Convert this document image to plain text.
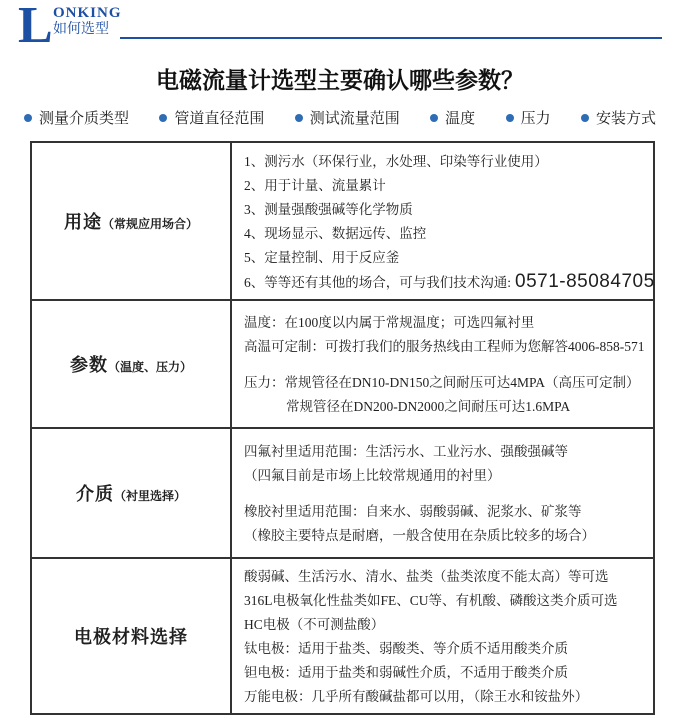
L ONKING
如何选型
电磁流量计选型主要确认哪些参数？
测量介质类型	管道直径范围	测试流量范围	温度	压力	安装方式
用途（常规应用场合）	
1、测污水（环保行业，水处理、印染等行业使用）
2、用于计量、流量累计
3、测量强酸强碱等化学物质
4、现场显示、数据远传、监控
5、定量控制、用于反应釜
6、等等还有其他的场合，可与我们技术沟通: 0571-85084705

参数（温度、压力）	温度：在100度以内属于常规温度；可选四氟衬里
高温可定制：可拨打我们的服务热线由工程师为您解答4006-858-571
压力：常规管径在DN10-DN150之间耐压可达4MPA（高压可定制）
常规管径在DN200-DN2000之间耐压可达1.6MPA

介质（衬里选择）	四氟衬里适用范围：生活污水、工业污水、强酸强碱等
（四氟目前是市场上比较常规通用的衬里）
橡胶衬里适用范围：自来水、弱酸弱碱、泥浆水、矿浆等
（橡胶主要特点是耐磨，一般含使用在杂质比较多的场合）

电极材料选择	
酸弱碱、生活污水、清水、盐类（盐类浓度不能太高）等可选
316L电极氧化性盐类如FE、CU等、有机酸、磷酸这类介质可选
HC电极（不可测盐酸）
钛电极：适用于盐类、弱酸类、等介质不适用酸类介质
钽电极：适用于盐类和弱碱性介质，不适用于酸类介质
万能电极：几乎所有酸碱盐都可以用，（除王水和铵盐外）
